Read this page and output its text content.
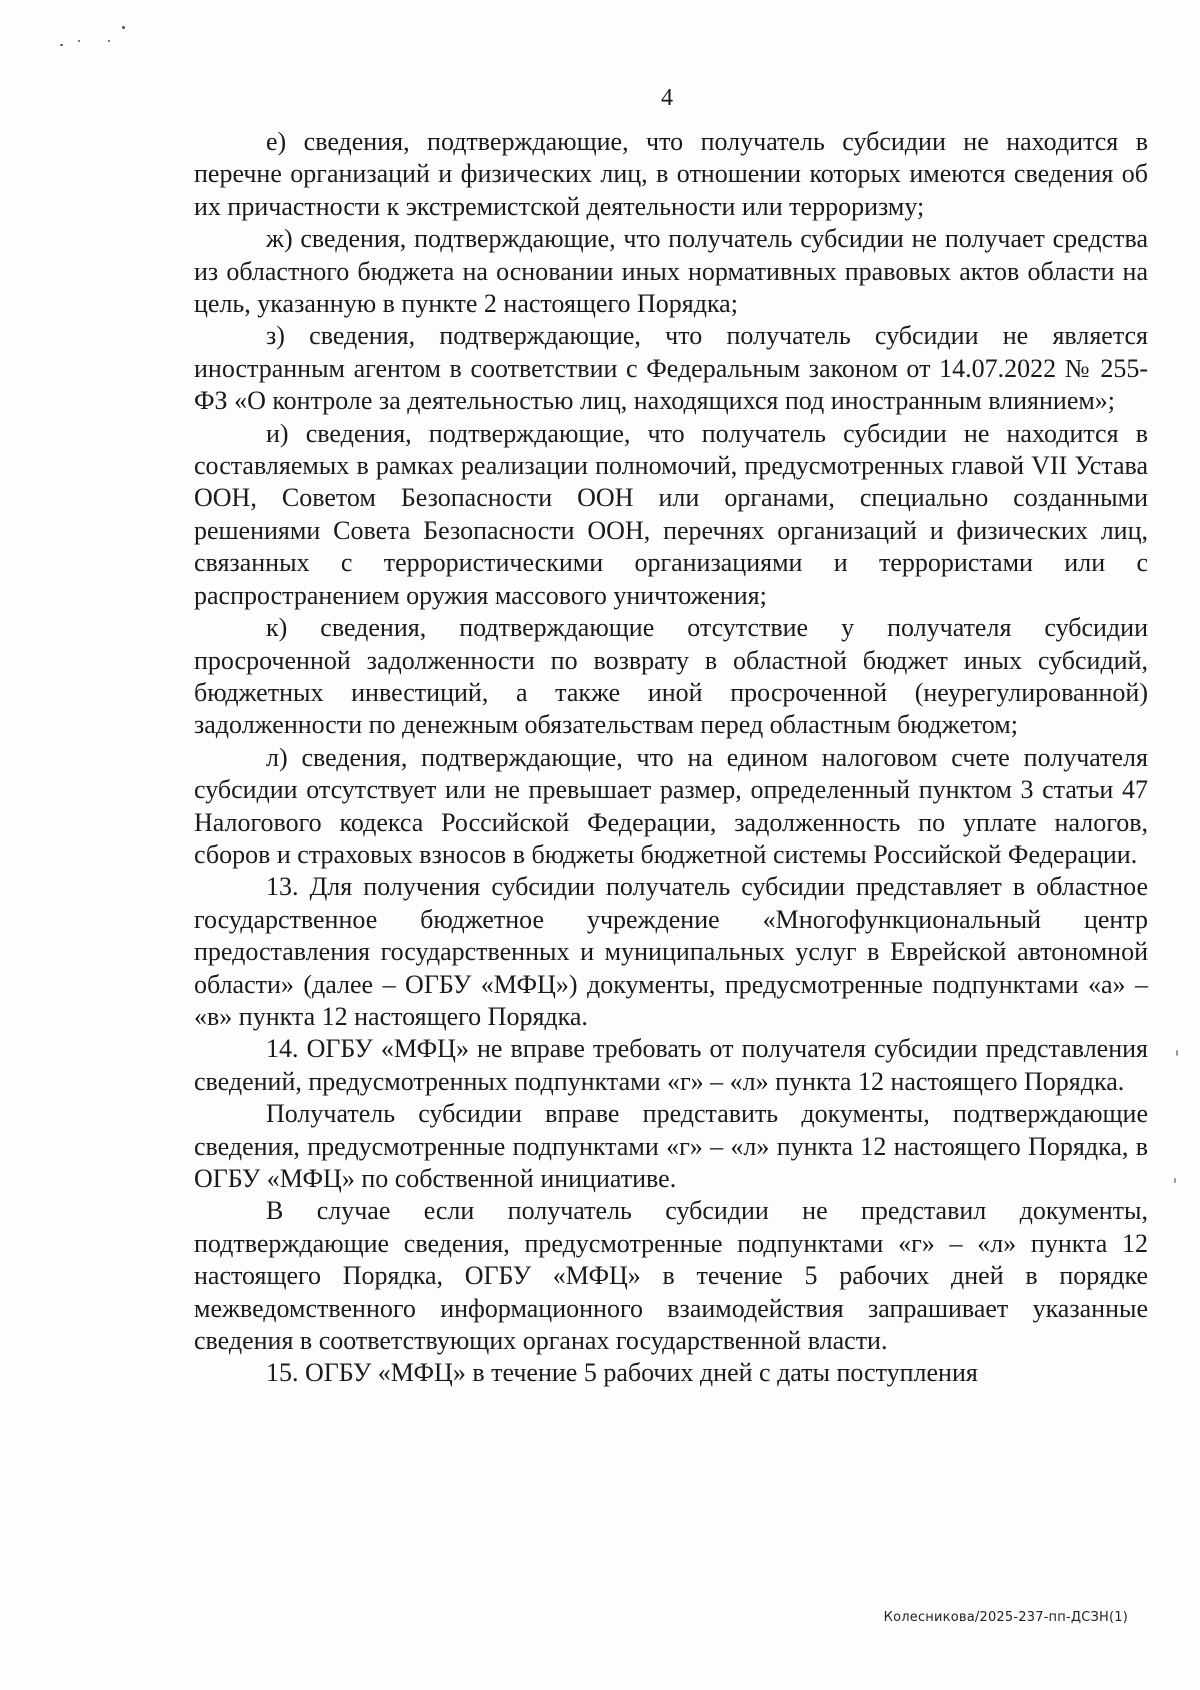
4

е) сведения, подтверждающие, что получатель субсидии не находится в перечне организаций и физических лиц, в отношении которых имеются сведения об их причастности к экстремистской деятельности или терроризму;

ж) сведения, подтверждающие, что получатель субсидии не получает средства из областного бюджета на основании иных нормативных правовых актов области на цель, указанную в пункте 2 настоящего Порядка;

з) сведения, подтверждающие, что получатель субсидии не является иностранным агентом в соответствии с Федеральным законом от 14.07.2022 № 255-ФЗ «О контроле за деятельностью лиц, находящихся под иностранным влиянием»;

и) сведения, подтверждающие, что получатель субсидии не находится в составляемых в рамках реализации полномочий, предусмотренных главой VII Устава ООН, Советом Безопасности ООН или органами, специально созданными решениями Совета Безопасности ООН, перечнях организаций и физических лиц, связанных с террористическими организациями и террористами или с распространением оружия массового уничтожения;

к) сведения, подтверждающие отсутствие у получателя субсидии просроченной задолженности по возврату в областной бюджет иных субсидий, бюджетных инвестиций, а также иной просроченной (неурегулированной) задолженности по денежным обязательствам перед областным бюджетом;

л) сведения, подтверждающие, что на едином налоговом счете получателя субсидии отсутствует или не превышает размер, определенный пунктом 3 статьи 47 Налогового кодекса Российской Федерации, задолженность по уплате налогов, сборов и страховых взносов в бюджеты бюджетной системы Российской Федерации.

13. Для получения субсидии получатель субсидии представляет в областное государственное бюджетное учреждение «Многофункциональный центр предоставления государственных и муниципальных услуг в Еврейской автономной области» (далее – ОГБУ «МФЦ») документы, предусмотренные подпунктами «а» – «в» пункта 12 настоящего Порядка.

14. ОГБУ «МФЦ» не вправе требовать от получателя субсидии представления сведений, предусмотренных подпунктами «г» – «л» пункта 12 настоящего Порядка.

Получатель субсидии вправе представить документы, подтверждающие сведения, предусмотренные подпунктами «г» – «л» пункта 12 настоящего Порядка, в ОГБУ «МФЦ» по собственной инициативе.

В случае если получатель субсидии не представил документы, подтверждающие сведения, предусмотренные подпунктами «г» – «л» пункта 12 настоящего Порядка, ОГБУ «МФЦ» в течение 5 рабочих дней в порядке межведомственного информационного взаимодействия запрашивает указанные сведения в соответствующих органах государственной власти.

15. ОГБУ «МФЦ» в течение 5 рабочих дней с даты поступления

Колесникова/2025-237-пп-ДСЗН(1)
